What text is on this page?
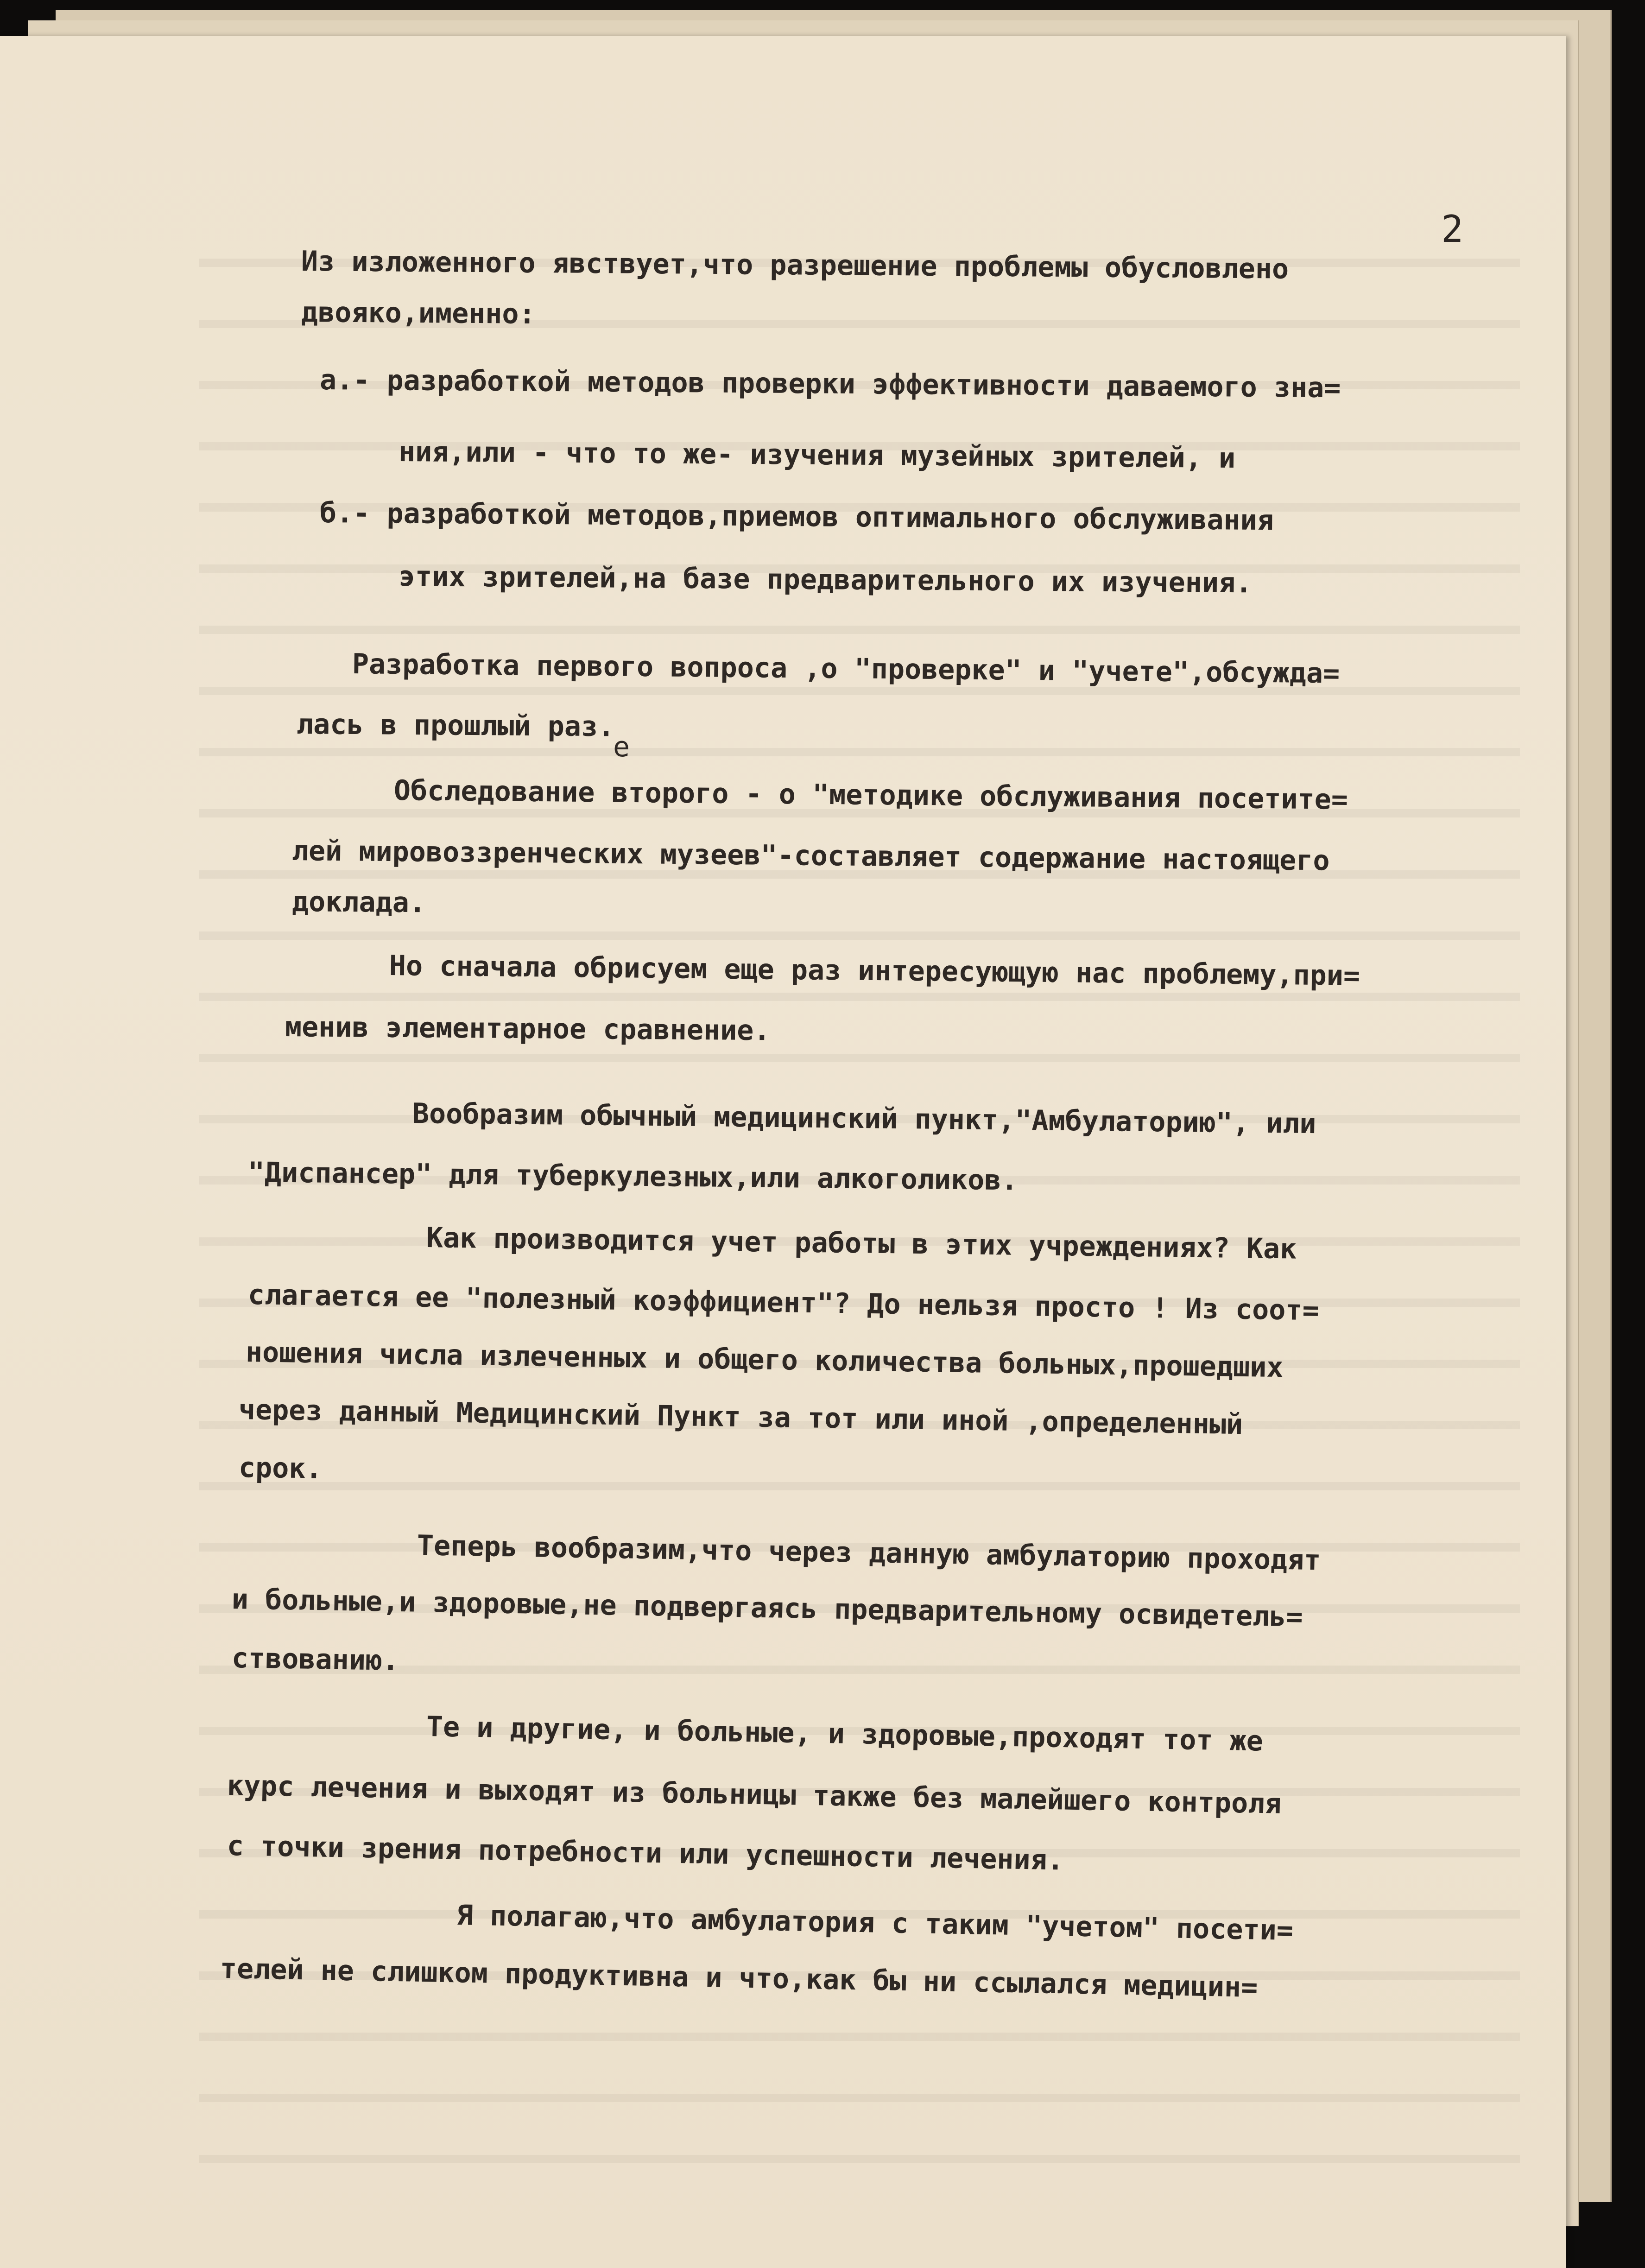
2
е

Из изложенного явствует,что разрешение проблемы обусловлено

двояко,именно:

а.- разработкой методов проверки эффективности даваемого зна=

ния,или - что то же- изучения музейных зрителей, и

б.- разработкой методов,приемов оптимального обслуживания

этих зрителей,на базе предварительного их изучения.

Разработка первого вопроса ,о "проверке" и "учете",обсужда=

лась в прошлый раз.

Обследование второго - о "методике обслуживания посетите=

лей мировоззренческих музеев"-составляет содержание настоящего

доклада.

Но сначала обрисуем еще раз интересующую нас проблему,при=

менив элементарное сравнение.

Вообразим обычный медицинский пункт,"Амбулаторию", или

"Диспансер" для туберкулезных,или алкоголиков.

Как производится учет работы в этих учреждениях? Как

слагается ее "полезный коэффициент"? До нельзя просто ! Из соот=

ношения числа излеченных и общего количества больных,прошедших

через данный Медицинский Пункт за тот или иной ,определенный

срок.

Теперь вообразим,что через данную амбулаторию проходят

и больные,и здоровые,не подвергаясь предварительному освидетель=

ствованию.

Те и другие, и больные, и здоровые,проходят тот же

курс лечения и выходят из больницы также без малейшего контроля

с точки зрения потребности или успешности лечения.

Я полагаю,что амбулатория с таким "учетом" посети=

телей не слишком продуктивна и что,как бы ни ссылался медицин=
